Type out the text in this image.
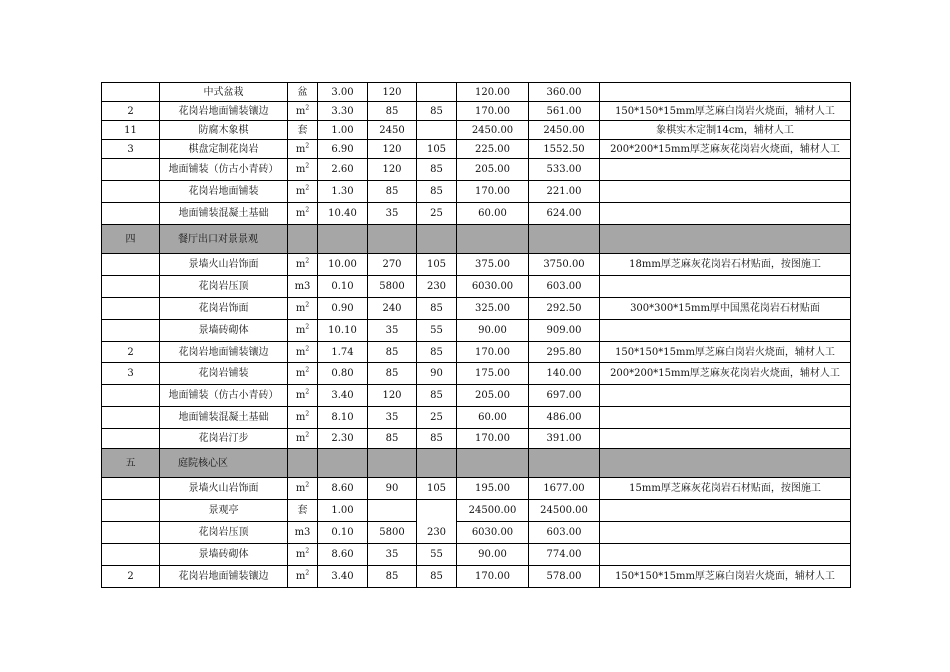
	中式盆栽	盆	3.00	120		120.00	360.00	
2	花岗岩地面铺装镶边	$m^2$	3.30	85	85	170.00	561.00	150*150*15mm厚芝麻白岗岩火烧面，辅材人工
11	防腐木象棋	套	1.00	2450		2450.00	2450.00	象棋实木定制14cm，辅材人工
3	棋盘定制花岗岩	$m^2$	6.90	120	105	225.00	1552.50	200*200*15mm厚芝麻灰花岗岩火烧面，辅材人工
	地面铺装（仿古小青砖）	$m^2$	2.60	120	85	205.00	533.00	
	花岗岩地面铺装	$m^2$	1.30	85	85	170.00	221.00	
	地面铺装混凝土基础	$m^2$	10.40	35	25	60.00	624.00	
四	餐厅出口对景景观							
	景墙火山岩饰面	$m^2$	10.00	270	105	375.00	3750.00	18mm厚芝麻灰花岗岩石材贴面，按图施工
	花岗岩压顶	m3	0.10	5800	230	6030.00	603.00	
	花岗岩饰面	$m^2$	0.90	240	85	325.00	292.50	300*300*15mm厚中国黑花岗岩石材贴面
	景墙砖砌体	$m^2$	10.10	35	55	90.00	909.00	
2	花岗岩地面铺装镶边	$m^2$	1.74	85	85	170.00	295.80	150*150*15mm厚芝麻白岗岩火烧面，辅材人工
3	花岗岩铺装	$m^2$	0.80	85	90	175.00	140.00	200*200*15mm厚芝麻灰花岗岩火烧面，辅材人工
	地面铺装（仿古小青砖）	$m^2$	3.40	120	85	205.00	697.00	
	地面铺装混凝土基础	$m^2$	8.10	35	25	60.00	486.00	
	花岗岩汀步	$m^2$	2.30	85	85	170.00	391.00	
五	庭院核心区							
	景墙火山岩饰面	$m^2$	8.60	90	105	195.00	1677.00	15mm厚芝麻灰花岗岩石材贴面，按图施工
	景观亭	套	1.00			24500.00	24500.00	
	花岗岩压顶	m3	0.10	5800	230	6030.00	603.00	
	景墙砖砌体	$m^2$	8.60	35	55	90.00	774.00	
2	花岗岩地面铺装镶边	$m^2$	3.40	85	85	170.00	578.00	150*150*15mm厚芝麻白岗岩火烧面，辅材人工
